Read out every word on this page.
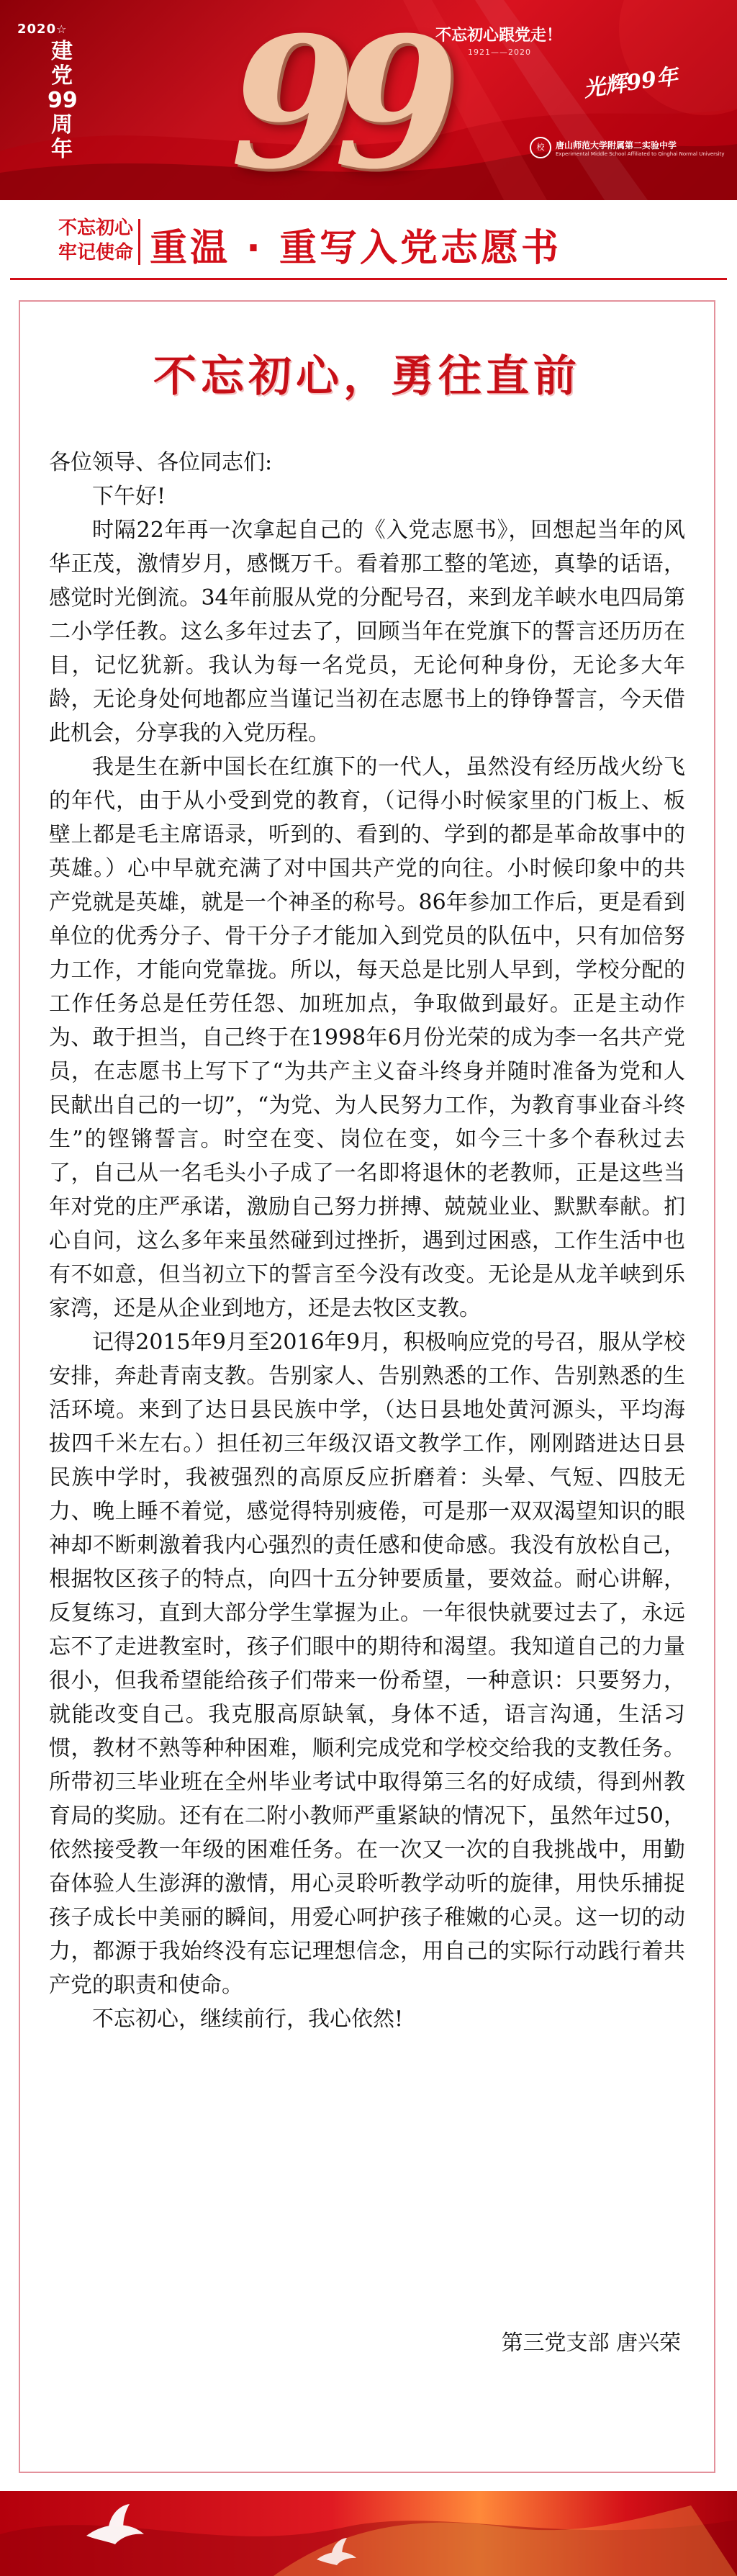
2020☆
建党99周年 99
不忘初心跟党走！
1921——2020
光辉99年
校	唐山师范大学附属第二实验中学
Experimental Middle School Affiliated to Qinghai Normal University
不忘初心
牢记使命 重温 · 重写入党志愿书
不忘初心，勇往直前

各位领导、各位同志们:

下午好!

时隔22年再一次拿起自己的《入党志愿书》，回想起当年的风华正茂，激情岁月，感慨万千。看着那工整的笔迹，真挚的话语，感觉时光倒流。34年前服从党的分配号召，来到龙羊峡水电四局第二小学任教。这么多年过去了，回顾当年在党旗下的誓言还历历在目，记忆犹新。我认为每一名党员，无论何种身份，无论多大年龄，无论身处何地都应当谨记当初在志愿书上的铮铮誓言，今天借此机会，分享我的入党历程。

我是生在新中国长在红旗下的一代人，虽然没有经历战火纷飞的年代，由于从小受到党的教育，（记得小时候家里的门板上、板壁上都是毛主席语录，听到的、看到的、学到的都是革命故事中的英雄。）心中早就充满了对中国共产党的向往。小时候印象中的共产党就是英雄，就是一个神圣的称号。86年参加工作后，更是看到单位的优秀分子、骨干分子才能加入到党员的队伍中，只有加倍努力工作，才能向党靠拢。所以，每天总是比别人早到，学校分配的工作任务总是任劳任怨、加班加点，争取做到最好。正是主动作为、敢于担当，自己终于在1998年6月份光荣的成为李一名共产党员，在志愿书上写下了“为共产主义奋斗终身并随时准备为党和人民献出自己的一切”，“为党、为人民努力工作，为教育事业奋斗终生”的铿锵誓言。时空在变、岗位在变，如今三十多个春秋过去了，自己从一名毛头小子成了一名即将退休的老教师，正是这些当年对党的庄严承诺，激励自己努力拼搏、兢兢业业、默默奉献。扪心自问，这么多年来虽然碰到过挫折，遇到过困惑，工作生活中也有不如意，但当初立下的誓言至今没有改变。无论是从龙羊峡到乐家湾，还是从企业到地方，还是去牧区支教。

记得2015年9月至2016年9月，积极响应党的号召，服从学校安排，奔赴青南支教。告别家人、告别熟悉的工作、告别熟悉的生活环境。来到了达日县民族中学，（达日县地处黄河源头，平均海拔四千米左右。）担任初三年级汉语文教学工作，刚刚踏进达日县民族中学时，我被强烈的高原反应折磨着：头晕、气短、四肢无力、晚上睡不着觉，感觉得特别疲倦，可是那一双双渴望知识的眼神却不断刺激着我内心强烈的责任感和使命感。我没有放松自己，根据牧区孩子的特点，向四十五分钟要质量，要效益。耐心讲解，反复练习，直到大部分学生掌握为止。一年很快就要过去了，永远忘不了走进教室时，孩子们眼中的期待和渴望。我知道自己的力量很小，但我希望能给孩子们带来一份希望，一种意识：只要努力，就能改变自己。我克服高原缺氧，身体不适，语言沟通，生活习惯，教材不熟等种种困难，顺利完成党和学校交给我的支教任务。所带初三毕业班在全州毕业考试中取得第三名的好成绩，得到州教育局的奖励。还有在二附小教师严重紧缺的情况下，虽然年过50，依然接受教一年级的困难任务。在一次又一次的自我挑战中，用勤奋体验人生澎湃的激情，用心灵聆听教学动听的旋律，用快乐捕捉孩子成长中美丽的瞬间，用爱心呵护孩子稚嫩的心灵。这一切的动力，都源于我始终没有忘记理想信念，用自己的实际行动践行着共产党的职责和使命。

不忘初心，继续前行，我心依然!

第三党支部 唐兴荣
